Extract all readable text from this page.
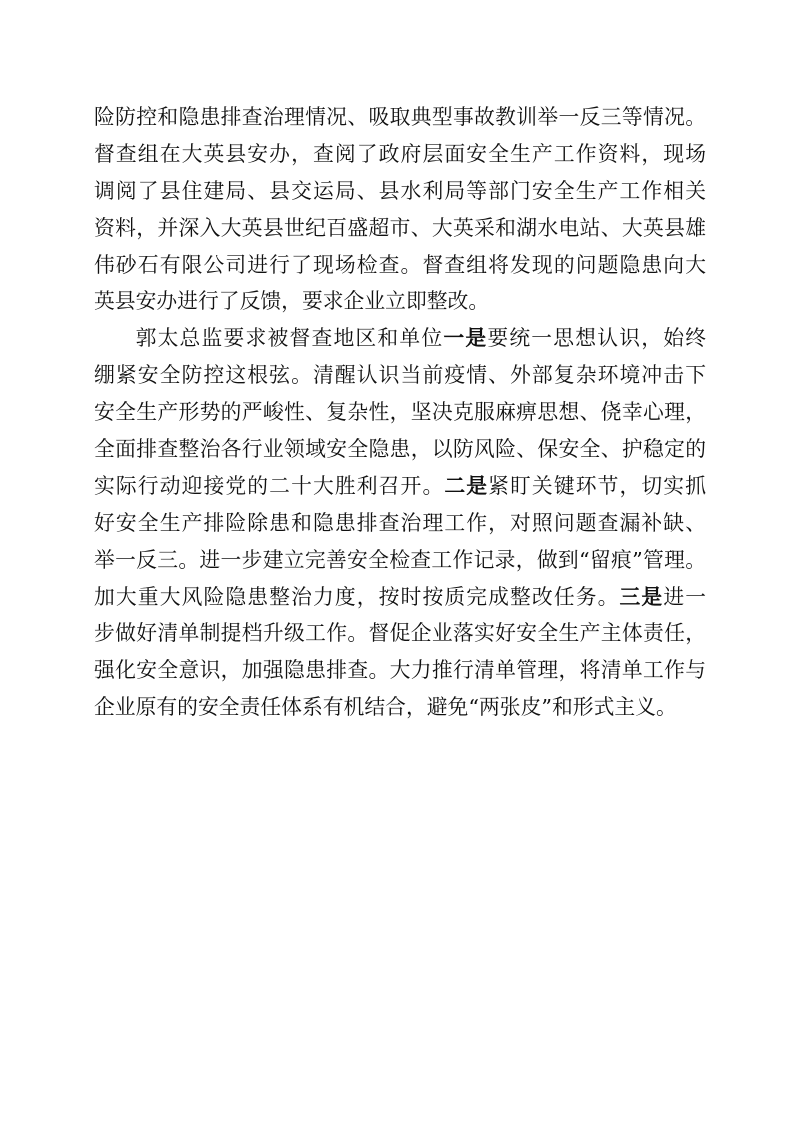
险防控和隐患排查治理情况、吸取典型事故教训举一反三等情况。
督查组在大英县安办，查阅了政府层面安全生产工作资料，现场
调阅了县住建局、县交运局、县水利局等部门安全生产工作相关
资料，并深入大英县世纪百盛超市、大英采和湖水电站、大英县雄
伟砂石有限公司进行了现场检查。督查组将发现的问题隐患向大
英县安办进行了反馈，要求企业立即整改。
郭太总监要求被督查地区和单位一是要统一思想认识，始终
绷紧安全防控这根弦。清醒认识当前疫情、外部复杂环境冲击下
安全生产形势的严峻性、复杂性，坚决克服麻痹思想、侥幸心理，
全面排查整治各行业领域安全隐患，以防风险、保安全、护稳定的
实际行动迎接党的二十大胜利召开。二是紧盯关键环节，切实抓
好安全生产排险除患和隐患排查治理工作，对照问题查漏补缺、
举一反三。进一步建立完善安全检查工作记录，做到“留痕”管理。
加大重大风险隐患整治力度，按时按质完成整改任务。三是进一
步做好清单制提档升级工作。督促企业落实好安全生产主体责任，
强化安全意识，加强隐患排查。大力推行清单管理，将清单工作与
企业原有的安全责任体系有机结合，避免“两张皮”和形式主义。
